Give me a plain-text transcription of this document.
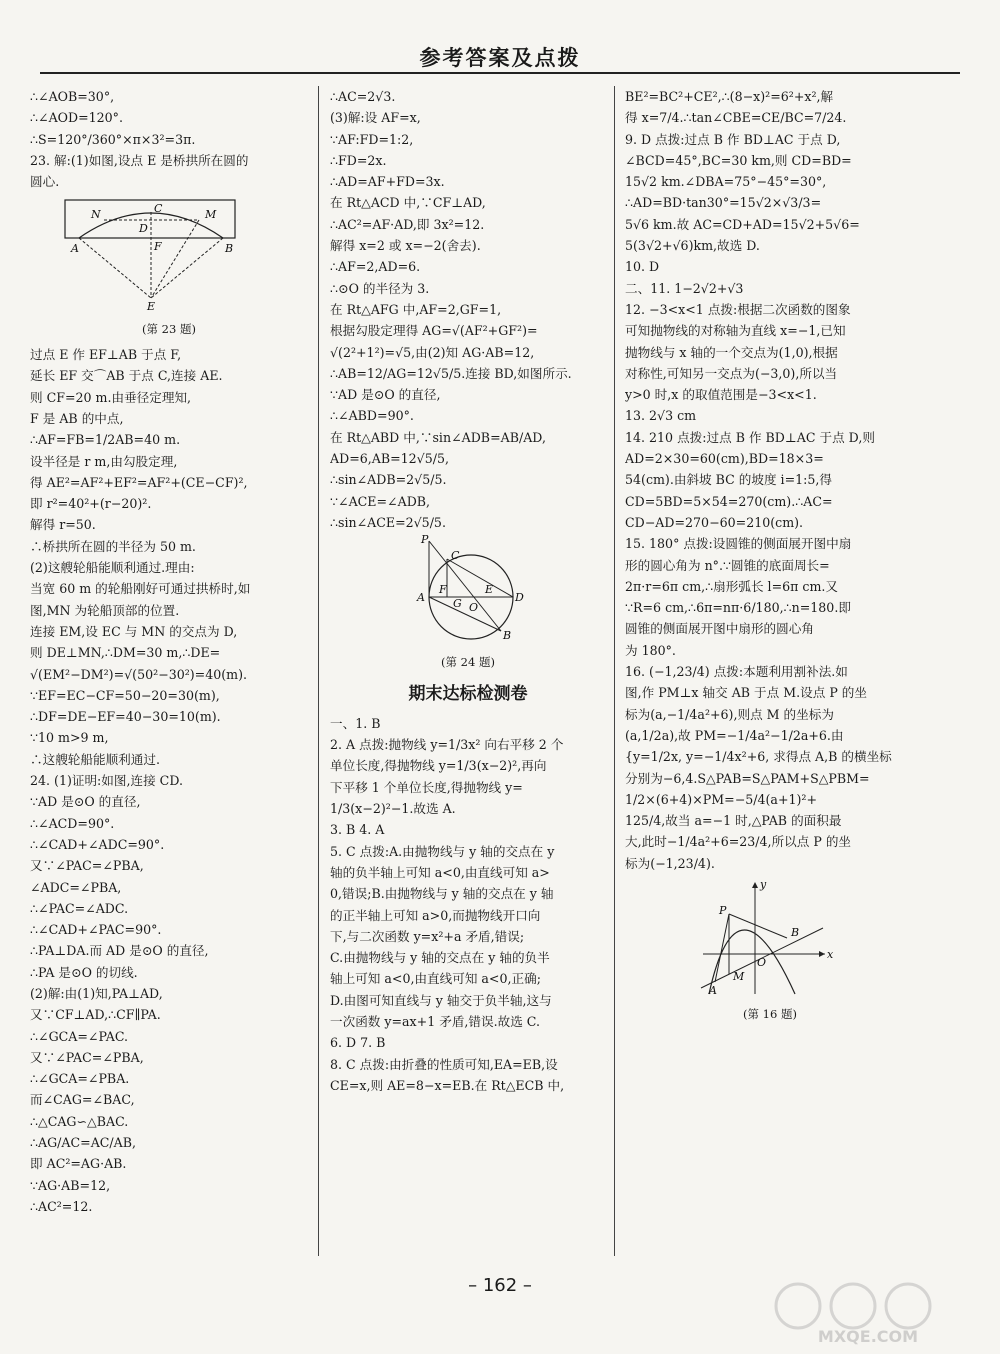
参考答案及点拨
∴∠AOB=30°,
∴∠AOD=120°.
∴S=120°/360°×π×3²=3π.
23. 解:(1)如图,设点 E 是桥拱所在圆的
圆心.
N	C	M
D
A	F	B
E
(第 23 题)
过点 E 作 EF⊥AB 于点 F,
延长 EF 交⌒AB 于点 C,连接 AE.
则 CF=20 m.由垂径定理知,
F 是 AB 的中点,
∴AF=FB=1/2AB=40 m.
设半径是 r m,由勾股定理,
得 AE²=AF²+EF²=AF²+(CE−CF)²,
即 r²=40²+(r−20)².
解得 r=50.
∴桥拱所在圆的半径为 50 m.
(2)这艘轮船能顺利通过.理由:
当宽 60 m 的轮船刚好可通过拱桥时,如
图,MN 为轮船顶部的位置.
连接 EM,设 EC 与 MN 的交点为 D,
则 DE⊥MN,∴DM=30 m,∴DE=
√(EM²−DM²)=√(50²−30²)=40(m).
∵EF=EC−CF=50−20=30(m),
∴DF=DE−EF=40−30=10(m).
∵10 m>9 m,
∴这艘轮船能顺利通过.
24. (1)证明:如图,连接 CD.
∵AD 是⊙O 的直径,
∴∠ACD=90°.
∴∠CAD+∠ADC=90°.
又∵∠PAC=∠PBA,
∠ADC=∠PBA,
∴∠PAC=∠ADC.
∴∠CAD+∠PAC=90°.
∴PA⊥DA.而 AD 是⊙O 的直径,
∴PA 是⊙O 的切线.
(2)解:由(1)知,PA⊥AD,
又∵CF⊥AD,∴CF∥PA.
∴∠GCA=∠PAC.
又∵∠PAC=∠PBA,
∴∠GCA=∠PBA.
而∠CAG=∠BAC,
∴△CAG∽△BAC.
∴AG/AC=AC/AB,
即 AC²=AG·AB.
∵AG·AB=12,
∴AC²=12.
∴AC=2√3.
(3)解:设 AF=x,
∵AF:FD=1:2,
∴FD=2x.
∴AD=AF+FD=3x.
在 Rt△ACD 中,∵CF⊥AD,
∴AC²=AF·AD,即 3x²=12.
解得 x=2 或 x=−2(舍去).
∴AF=2,AD=6.
∴⊙O 的半径为 3.
在 Rt△AFG 中,AF=2,GF=1,
根据勾股定理得 AG=√(AF²+GF²)=
√(2²+1²)=√5,由(2)知 AG·AB=12,
∴AB=12/AG=12√5/5.连接 BD,如图所示.
∵AD 是⊙O 的直径,
∴∠ABD=90°.
在 Rt△ABD 中,∵sin∠ADB=AB/AD,
AD=6,AB=12√5/5,
∴sin∠ADB=2√5/5.
∵∠ACE=∠ADB,
∴sin∠ACE=2√5/5.
P
C
A
F
G
E
O
D
B
(第 24 题)
期末达标检测卷
一、1. B
2. A 点拨:抛物线 y=1/3x² 向右平移 2 个
单位长度,得抛物线 y=1/3(x−2)²,再向
下平移 1 个单位长度,得抛物线 y=
1/3(x−2)²−1.故选 A.
3. B 4. A
5. C 点拨:A.由抛物线与 y 轴的交点在 y
轴的负半轴上可知 a<0,由直线可知 a>
0,错误;B.由抛物线与 y 轴的交点在 y 轴
的正半轴上可知 a>0,而抛物线开口向
下,与二次函数 y=x²+a 矛盾,错误;
C.由抛物线与 y 轴的交点在 y 轴的负半
轴上可知 a<0,由直线可知 a<0,正确;
D.由图可知直线与 y 轴交于负半轴,这与
一次函数 y=ax+1 矛盾,错误.故选 C.
6. D 7. B
8. C 点拨:由折叠的性质可知,EA=EB,设
CE=x,则 AE=8−x=EB.在 Rt△ECB 中,
BE²=BC²+CE²,∴(8−x)²=6²+x²,解
得 x=7/4.∴tan∠CBE=CE/BC=7/24.
9. D 点拨:过点 B 作 BD⊥AC 于点 D,
∠BCD=45°,BC=30 km,则 CD=BD=
15√2 km.∠DBA=75°−45°=30°,
∴AD=BD·tan30°=15√2×√3/3=
5√6 km.故 AC=CD+AD=15√2+5√6=
5(3√2+√6)km,故选 D.
10. D
二、11. 1−2√2+√3
12. −3<x<1 点拨:根据二次函数的图象
可知抛物线的对称轴为直线 x=−1,已知
抛物线与 x 轴的一个交点为(1,0),根据
对称性,可知另一交点为(−3,0),所以当
y>0 时,x 的取值范围是−3<x<1.
13. 2√3 cm
14. 210 点拨:过点 B 作 BD⊥AC 于点 D,则
AD=2×30=60(cm),BD=18×3=
54(cm).由斜坡 BC 的坡度 i=1:5,得
CD=5BD=5×54=270(cm).∴AC=
CD−AD=270−60=210(cm).
15. 180° 点拨:设圆锥的侧面展开图中扇
形的圆心角为 n°.∵圆锥的底面周长=
2π·r=6π cm,∴扇形弧长 l=6π cm.又
∵R=6 cm,∴6π=nπ·6/180,∴n=180.即
圆锥的侧面展开图中扇形的圆心角
为 180°.
16. (−1,23/4) 点拨:本题利用割补法.如
图,作 PM⊥x 轴交 AB 于点 M.设点 P 的坐
标为(a,−1/4a²+6),则点 M 的坐标为
(a,1/2a),故 PM=−1/4a²−1/2a+6.由
{y=1/2x, y=−1/4x²+6, 求得点 A,B 的横坐标
分别为−6,4.S△PAB=S△PAM+S△PBM=
1/2×(6+4)×PM=−5/4(a+1)²+
125/4,故当 a=−1 时,△PAB 的面积最
大,此时−1/4a²+6=23/4,所以点 P 的坐
标为(−1,23/4).
y
P
B
O
x
A
M
(第 16 题)
– 162 –
MXQE.COM
